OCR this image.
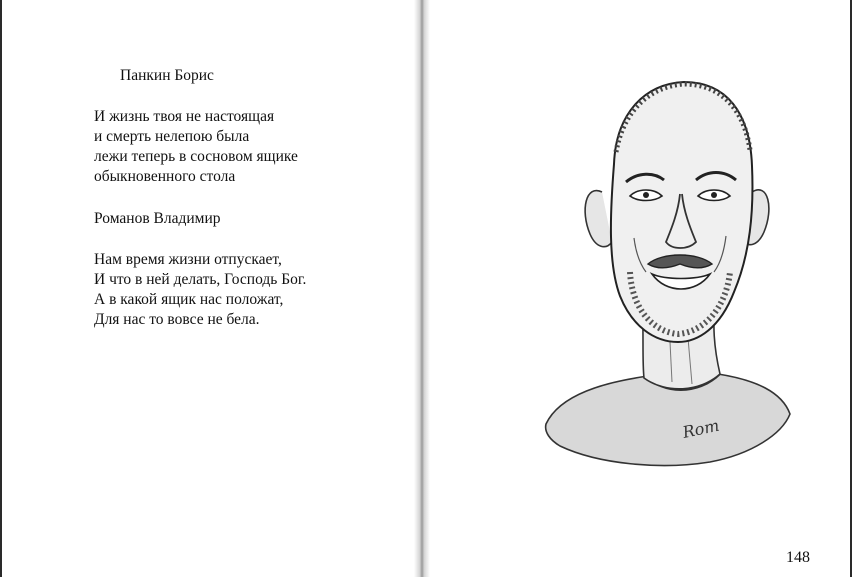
Панкин Борис

И жизнь твоя не настоящая
и смерть нелепою была
лежи теперь в сосновом ящике
обыкновенного стола

Романов Владимир

Нам время жизни отпускает,
И что в ней делать, Господь Бог.
А в какой ящик нас положат,
Для нас то вовсе не бела.
Rom
148
